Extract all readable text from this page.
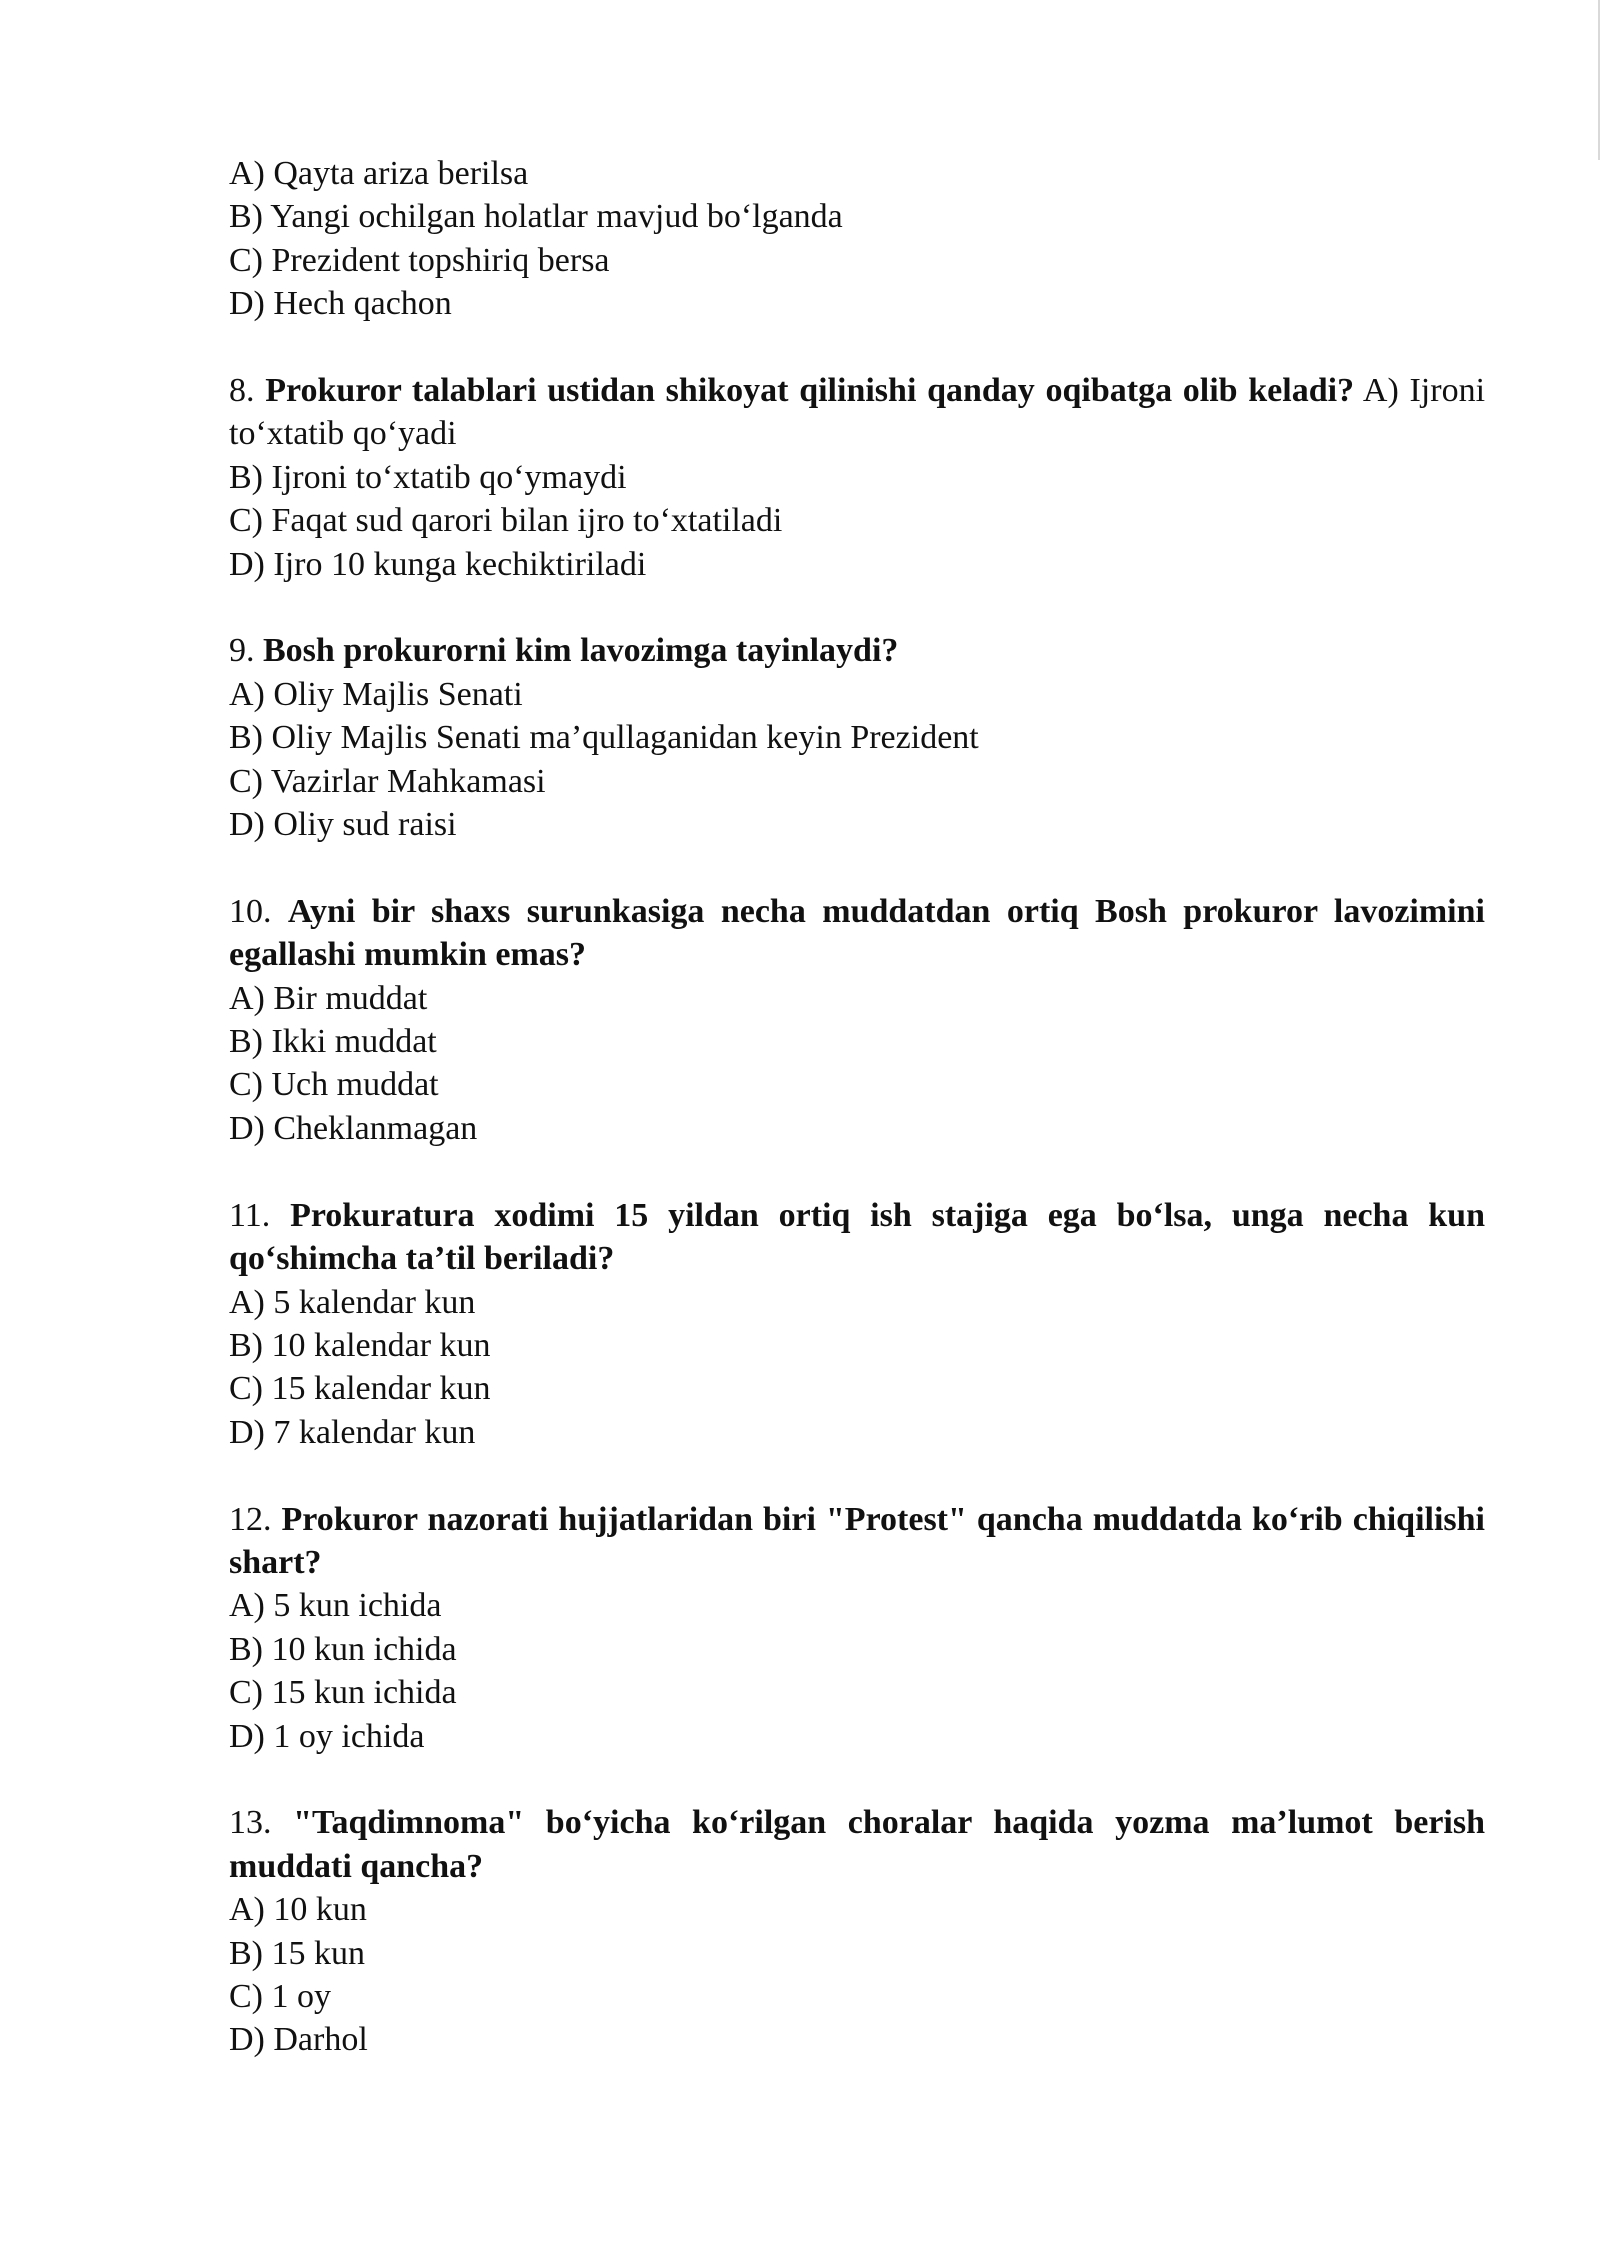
A) Qayta ariza berilsa
B) Yangi ochilgan holatlar mavjud bo‘lganda
C) Prezident topshiriq bersa
D) Hech qachon
8. Prokuror talablari ustidan shikoyat qilinishi qanday oqibatga olib keladi? A) Ijroni to‘xtatib qo‘yadi
B) Ijroni to‘xtatib qo‘ymaydi
C) Faqat sud qarori bilan ijro to‘xtatiladi
D) Ijro 10 kunga kechiktiriladi
9. Bosh prokurorni kim lavozimga tayinlaydi?
A) Oliy Majlis Senati
B) Oliy Majlis Senati ma’qullaganidan keyin Prezident
C) Vazirlar Mahkamasi
D) Oliy sud raisi
10. Ayni bir shaxs surunkasiga necha muddatdan ortiq Bosh prokuror lavozimini egallashi mumkin emas?
A) Bir muddat
B) Ikki muddat
C) Uch muddat
D) Cheklanmagan
11. Prokuratura xodimi 15 yildan ortiq ish stajiga ega bo‘lsa, unga necha kun qo‘shimcha ta’til beriladi?
A) 5 kalendar kun
B) 10 kalendar kun
C) 15 kalendar kun
D) 7 kalendar kun
12. Prokuror nazorati hujjatlaridan biri "Protest" qancha muddatda ko‘rib chiqilishi shart?
A) 5 kun ichida
B) 10 kun ichida
C) 15 kun ichida
D) 1 oy ichida
13. "Taqdimnoma" bo‘yicha ko‘rilgan choralar haqida yozma ma’lumot berish muddati qancha?
A) 10 kun
B) 15 kun
C) 1 oy
D) Darhol
